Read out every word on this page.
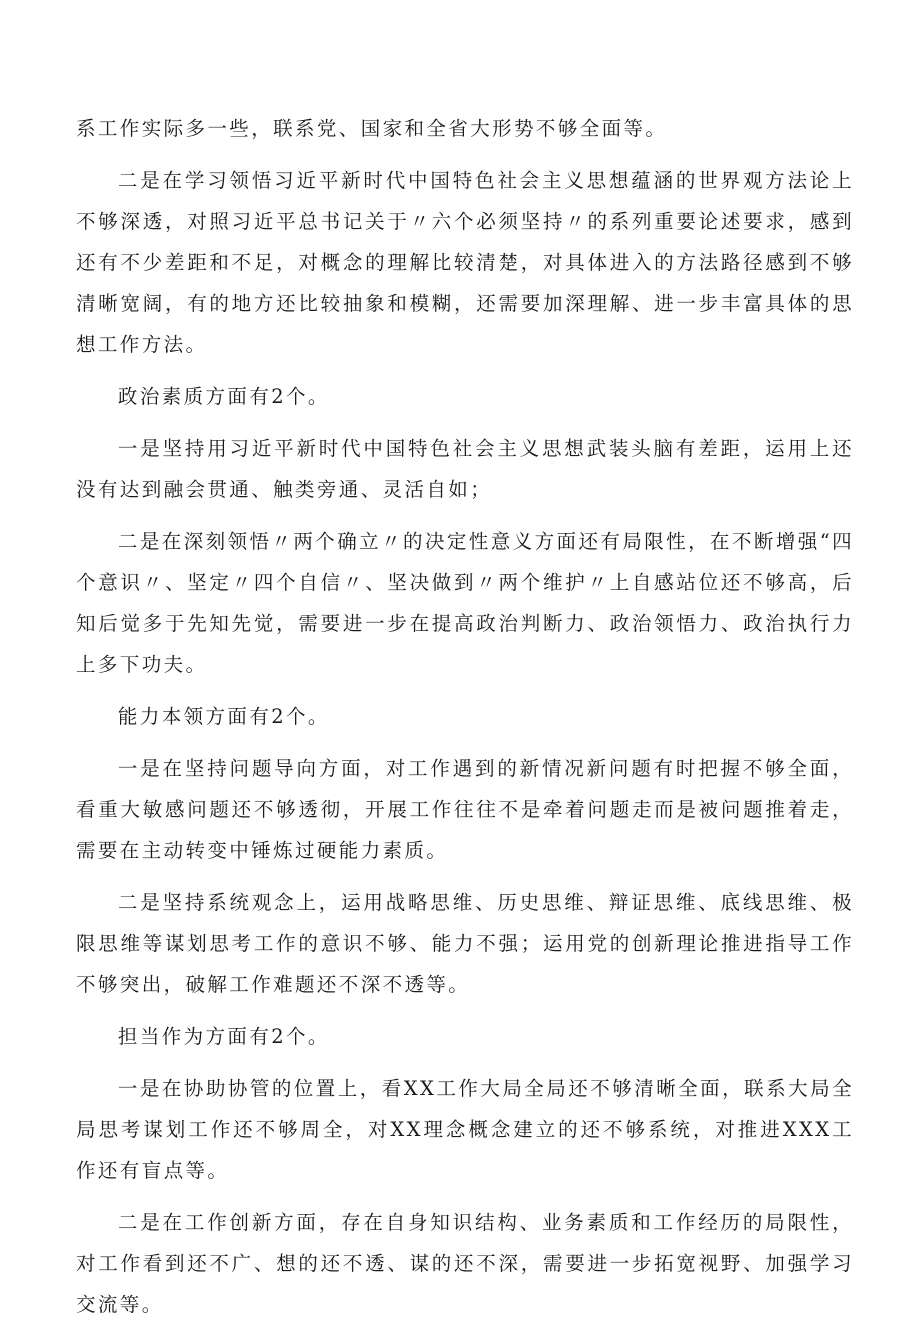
系工作实际多一些，联系党、国家和全省大形势不够全面等。

二是在学习领悟习近平新时代中国特色社会主义思想蕴涵的世界观方法论上不够深透，对照习近平总书记关于〃六个必须坚持〃的系列重要论述要求，感到还有不少差距和不足，对概念的理解比较清楚，对具体进入的方法路径感到不够清晰宽阔，有的地方还比较抽象和模糊，还需要加深理解、进一步丰富具体的思想工作方法。

政治素质方面有2个。

一是坚持用习近平新时代中国特色社会主义思想武装头脑有差距，运用上还没有达到融会贯通、触类旁通、灵活自如；

二是在深刻领悟〃两个确立〃的决定性意义方面还有局限性，在不断增强“四个意识〃、坚定〃四个自信〃、坚决做到〃两个维护〃上自感站位还不够高，后知后觉多于先知先觉，需要进一步在提高政治判断力、政治领悟力、政治执行力上多下功夫。

能力本领方面有2个。

一是在坚持问题导向方面，对工作遇到的新情况新问题有时把握不够全面，看重大敏感问题还不够透彻，开展工作往往不是牵着问题走而是被问题推着走，需要在主动转变中锤炼过硬能力素质。

二是坚持系统观念上，运用战略思维、历史思维、辩证思维、底线思维、极限思维等谋划思考工作的意识不够、能力不强；运用党的创新理论推进指导工作不够突出，破解工作难题还不深不透等。

担当作为方面有2个。

一是在协助协管的位置上，看XX工作大局全局还不够清晰全面，联系大局全局思考谋划工作还不够周全，对XX理念概念建立的还不够系统，对推进XXX工作还有盲点等。

二是在工作创新方面，存在自身知识结构、业务素质和工作经历的局限性，对工作看到还不广、想的还不透、谋的还不深，需要进一步拓宽视野、加强学习交流等。
